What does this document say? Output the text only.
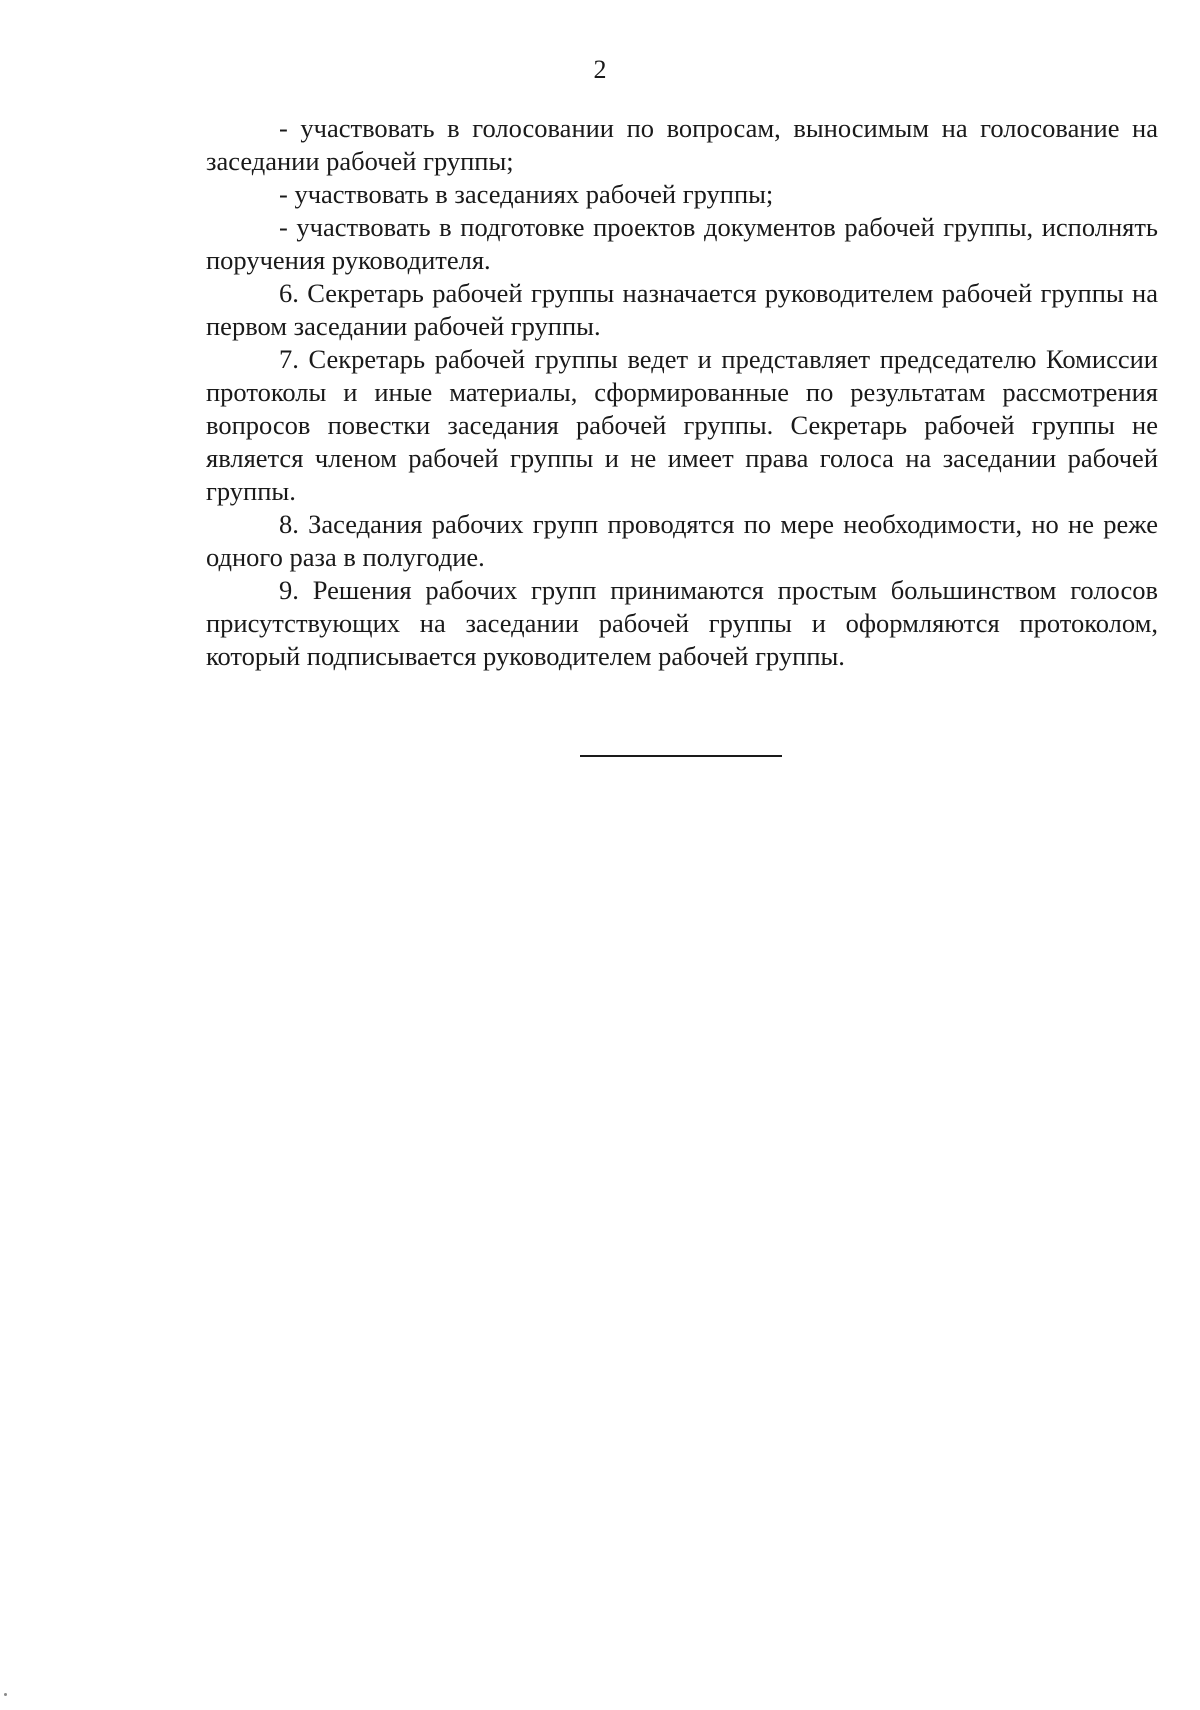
2

- участвовать в голосовании по вопросам, выносимым на голосование на заседании рабочей группы;

- участвовать в заседаниях рабочей группы;

- участвовать в подготовке проектов документов рабочей группы, исполнять поручения руководителя.

6. Секретарь рабочей группы назначается руководителем рабочей группы на первом заседании рабочей группы.

7. Секретарь рабочей группы ведет и представляет председателю Комиссии протоколы и иные материалы, сформированные по результатам рассмотрения вопросов повестки заседания рабочей группы. Секретарь рабочей группы не является членом рабочей группы и не имеет права голоса на заседании рабочей группы.

8. Заседания рабочих групп проводятся по мере необходимости, но не реже одного раза в полугодие.

9. Решения рабочих групп принимаются простым большинством голосов присутствующих на заседании рабочей группы и оформляются протоколом, который подписывается руководителем рабочей группы.
